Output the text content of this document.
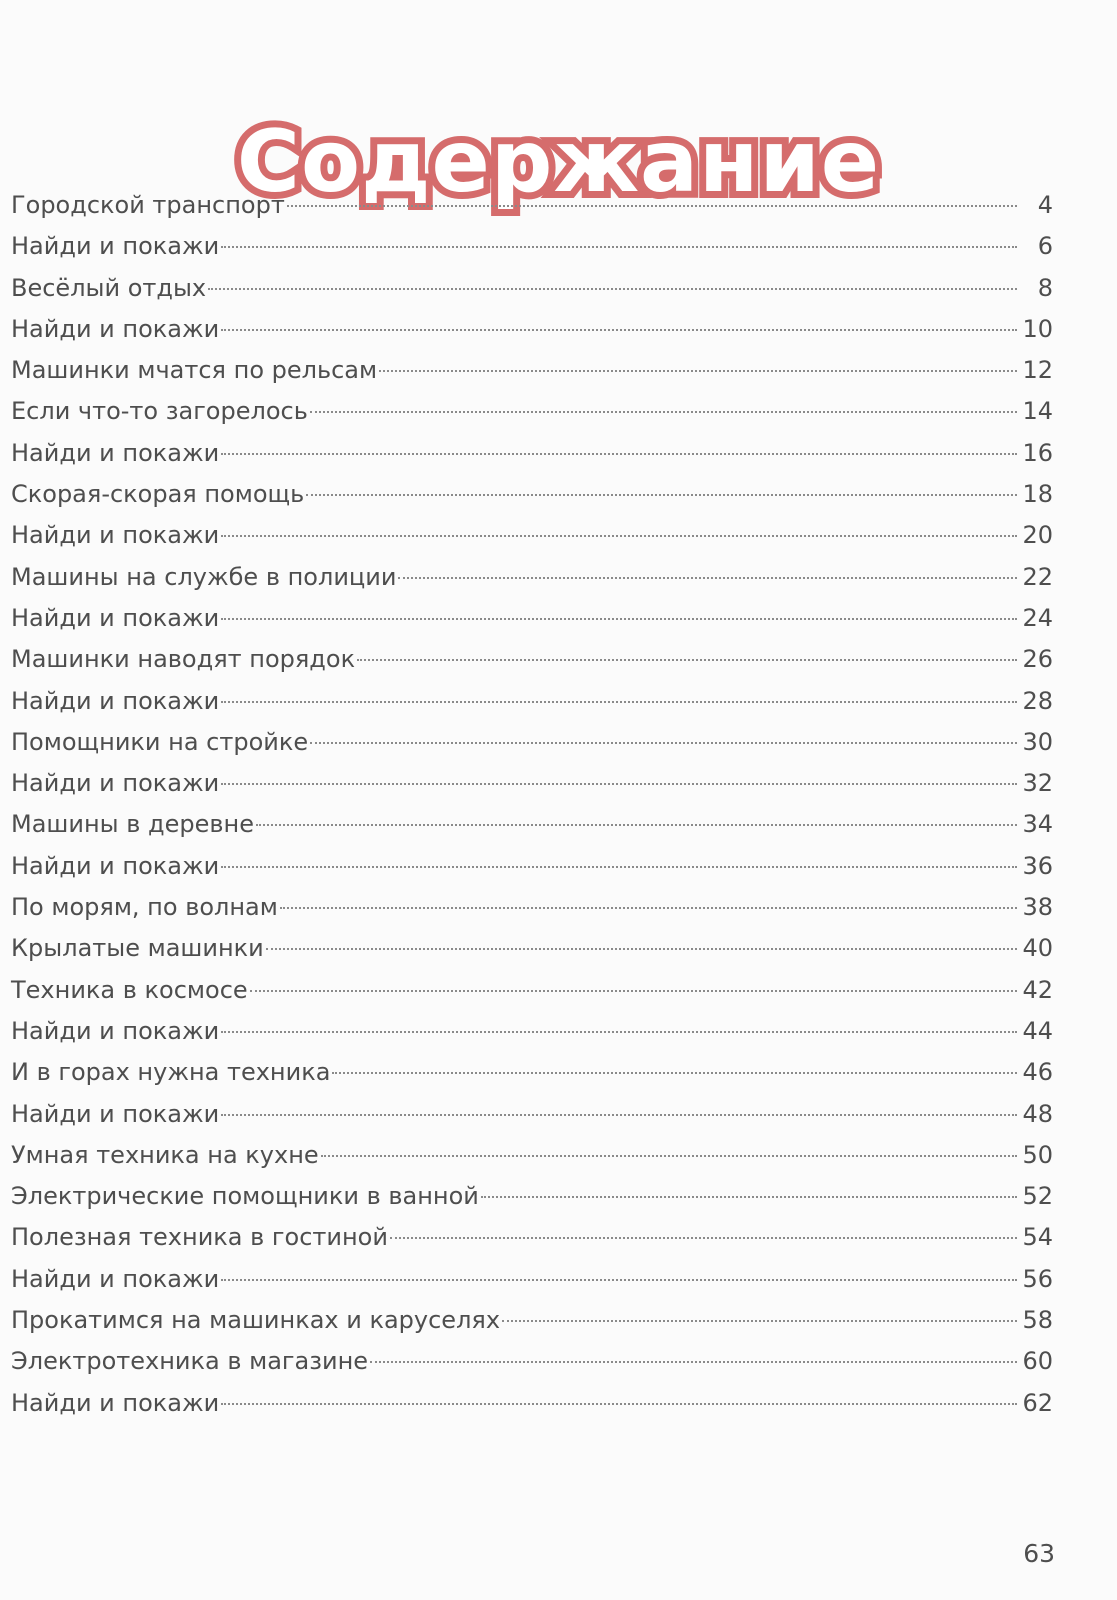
Содержание
Городской транспорт	4
Найди и покажи	6
Весёлый отдых	8
Найди и покажи	10
Машинки мчатся по рельсам	12
Если что-то загорелось	14
Найди и покажи	16
Скорая-скорая помощь	18
Найди и покажи	20
Машины на службе в полиции	22
Найди и покажи	24
Машинки наводят порядок	26
Найди и покажи	28
Помощники на стройке	30
Найди и покажи	32
Машины в деревне	34
Найди и покажи	36
По морям, по волнам	38
Крылатые машинки	40
Техника в космосе	42
Найди и покажи	44
И в горах нужна техника	46
Найди и покажи	48
Умная техника на кухне	50
Электрические помощники в ванной	52
Полезная техника в гостиной	54
Найди и покажи	56
Прокатимся на машинках и каруселях	58
Электротехника в магазине	60
Найди и покажи	62
63
